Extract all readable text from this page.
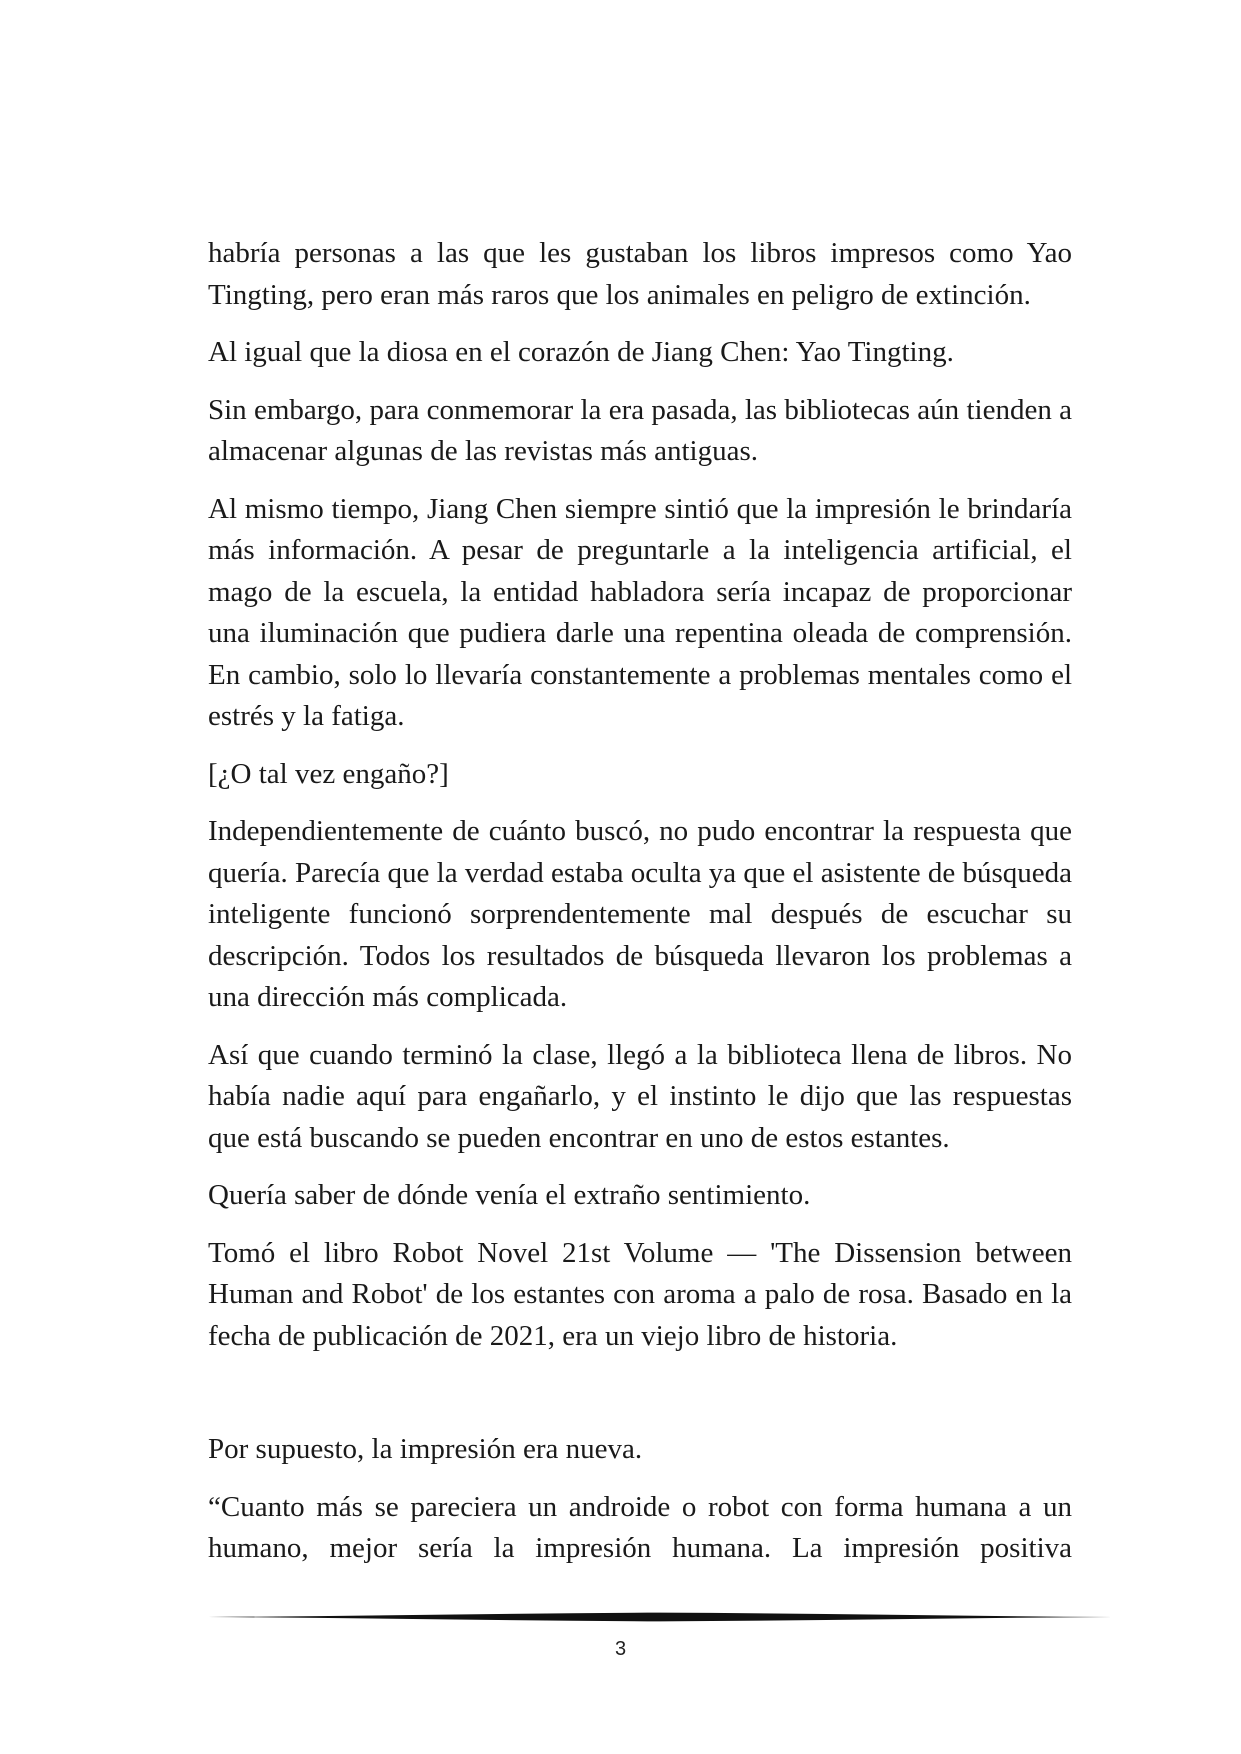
habría personas a las que les gustaban los libros impresos como Yao Tingting, pero eran más raros que los animales en peligro de extinción.

Al igual que la diosa en el corazón de Jiang Chen: Yao Tingting.

Sin embargo, para conmemorar la era pasada, las bibliotecas aún tienden a almacenar algunas de las revistas más antiguas.

Al mismo tiempo, Jiang Chen siempre sintió que la impresión le brindaría más información. A pesar de preguntarle a la inteligencia artificial, el mago de la escuela, la entidad habladora sería incapaz de proporcionar una iluminación que pudiera darle una repentina oleada de comprensión. En cambio, solo lo llevaría constantemente a problemas mentales como el estrés y la fatiga.

[¿O tal vez engaño?]

Independientemente de cuánto buscó, no pudo encontrar la respuesta que quería. Parecía que la verdad estaba oculta ya que el asistente de búsqueda inteligente funcionó sorprendentemente mal después de escuchar su descripción. Todos los resultados de búsqueda llevaron los problemas a una dirección más complicada.

Así que cuando terminó la clase, llegó a la biblioteca llena de libros. No había nadie aquí para engañarlo, y el instinto le dijo que las respuestas que está buscando se pueden encontrar en uno de estos estantes.

Quería saber de dónde venía el extraño sentimiento.

Tomó el libro Robot Novel 21st Volume — 'The Dissension between Human and Robot' de los estantes con aroma a palo de rosa. Basado en la fecha de publicación de 2021, era un viejo libro de historia.

Por supuesto, la impresión era nueva.

“Cuanto más se pareciera un androide o robot con forma humana a un humano, mejor sería la impresión humana. La impresión positiva

3
